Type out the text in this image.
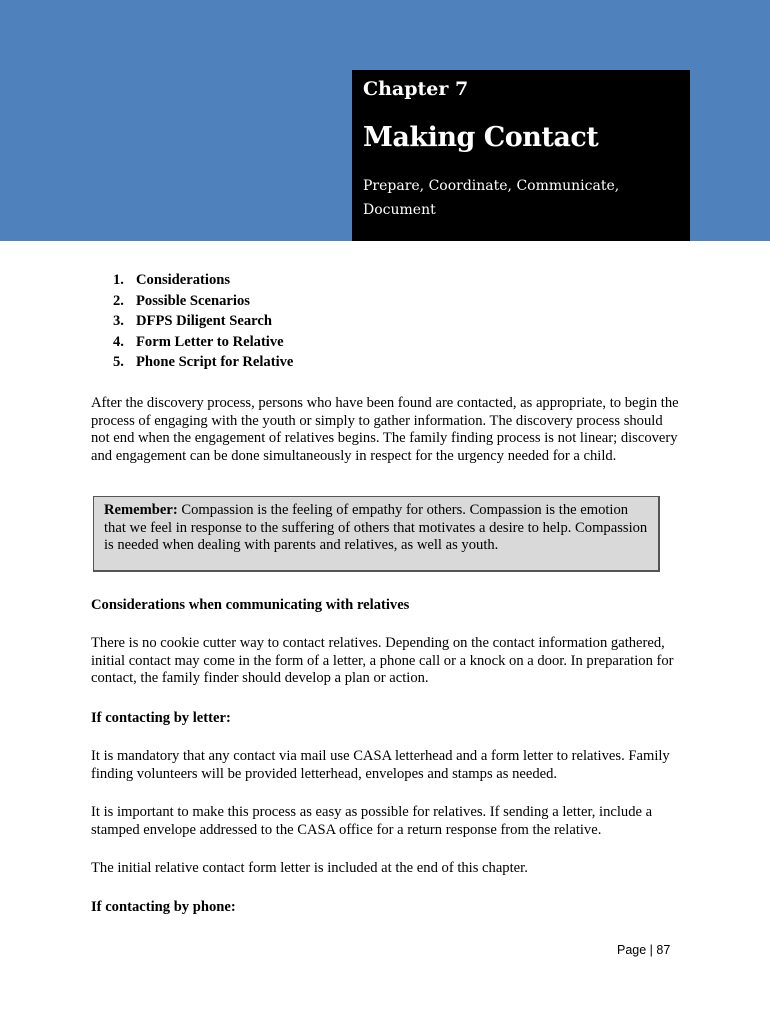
Chapter 7
Making Contact
Prepare, Coordinate, Communicate, Document
1. Considerations
2. Possible Scenarios
3. DFPS Diligent Search
4. Form Letter to Relative
5. Phone Script for Relative
After the discovery process, persons who have been found are contacted, as appropriate, to begin the process of engaging with the youth or simply to gather information. The discovery process should not end when the engagement of relatives begins. The family finding process is not linear; discovery and engagement can be done simultaneously in respect for the urgency needed for a child.
Remember: Compassion is the feeling of empathy for others. Compassion is the emotion that we feel in response to the suffering of others that motivates a desire to help. Compassion is needed when dealing with parents and relatives, as well as youth.
Considerations when communicating with relatives
There is no cookie cutter way to contact relatives. Depending on the contact information gathered, initial contact may come in the form of a letter, a phone call or a knock on a door. In preparation for contact, the family finder should develop a plan or action.
If contacting by letter:
It is mandatory that any contact via mail use CASA letterhead and a form letter to relatives. Family finding volunteers will be provided letterhead, envelopes and stamps as needed.
It is important to make this process as easy as possible for relatives. If sending a letter, include a stamped envelope addressed to the CASA office for a return response from the relative.
The initial relative contact form letter is included at the end of this chapter.
If contacting by phone:
Page | 87
